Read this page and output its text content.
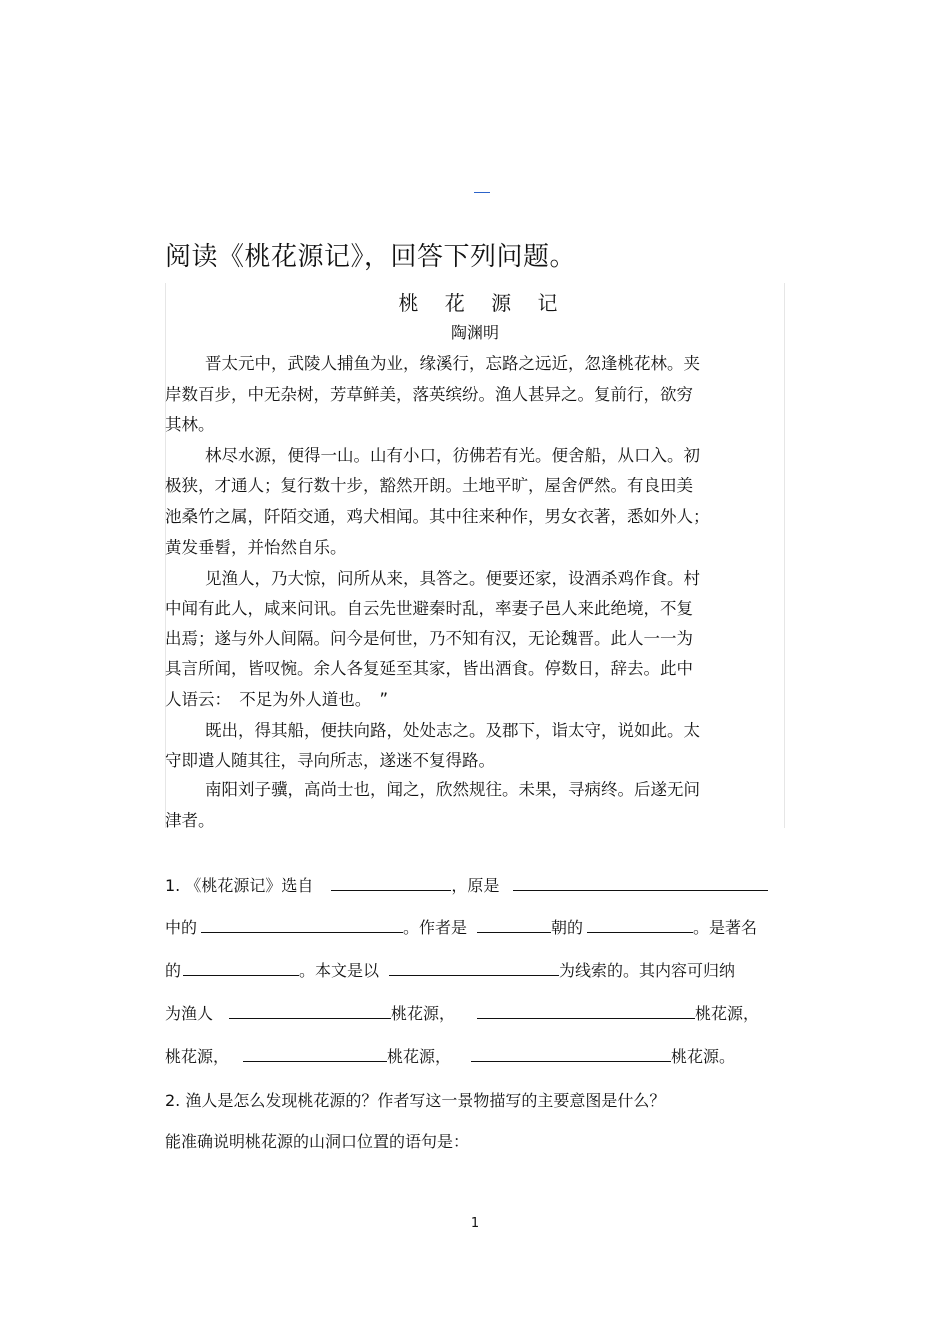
阅读《桃花源记》，回答下列问题。
桃 花 源 记
陶渊明
晋太元中，武陵人捕鱼为业，缘溪行，忘路之远近，忽逢桃花林。夹
岸数百步，中无杂树，芳草鲜美，落英缤纷。渔人甚异之。复前行，欲穷
其林。
林尽水源，便得一山。山有小口，彷佛若有光。便舍船，从口入。初
极狭，才通人；复行数十步，豁然开朗。土地平旷，屋舍俨然。有良田美
池桑竹之属，阡陌交通，鸡犬相闻。其中往来种作，男女衣著，悉如外人；
黄发垂髫，并怡然自乐。
见渔人，乃大惊，问所从来，具答之。便要还家，设酒杀鸡作食。村
中闻有此人，咸来问讯。自云先世避秦时乱，率妻子邑人来此绝境，不复
出焉；遂与外人间隔。问今是何世，乃不知有汉，无论魏晋。此人一一为
具言所闻，皆叹惋。余人各复延至其家，皆出酒食。停数日，辞去。此中
人语云：　不足为外人道也。　”
既出，得其船，便扶向路，处处志之。及郡下，诣太守，说如此。太
守即遣人随其往，寻向所志，遂迷不复得路。
南阳刘子骥，高尚士也，闻之，欣然规往。未果，寻病终。后遂无问
津者。
1. 《桃花源记》选自	，原是
中的	。作者是	朝的	。是著名
的	。本文是以	为线索的。其内容可归纳
为渔人	桃花源，	桃花源，
桃花源，	桃花源，	桃花源。
2. 渔人是怎么发现桃花源的？作者写这一景物描写的主要意图是什么？
能准确说明桃花源的山洞口位置的语句是：
1
